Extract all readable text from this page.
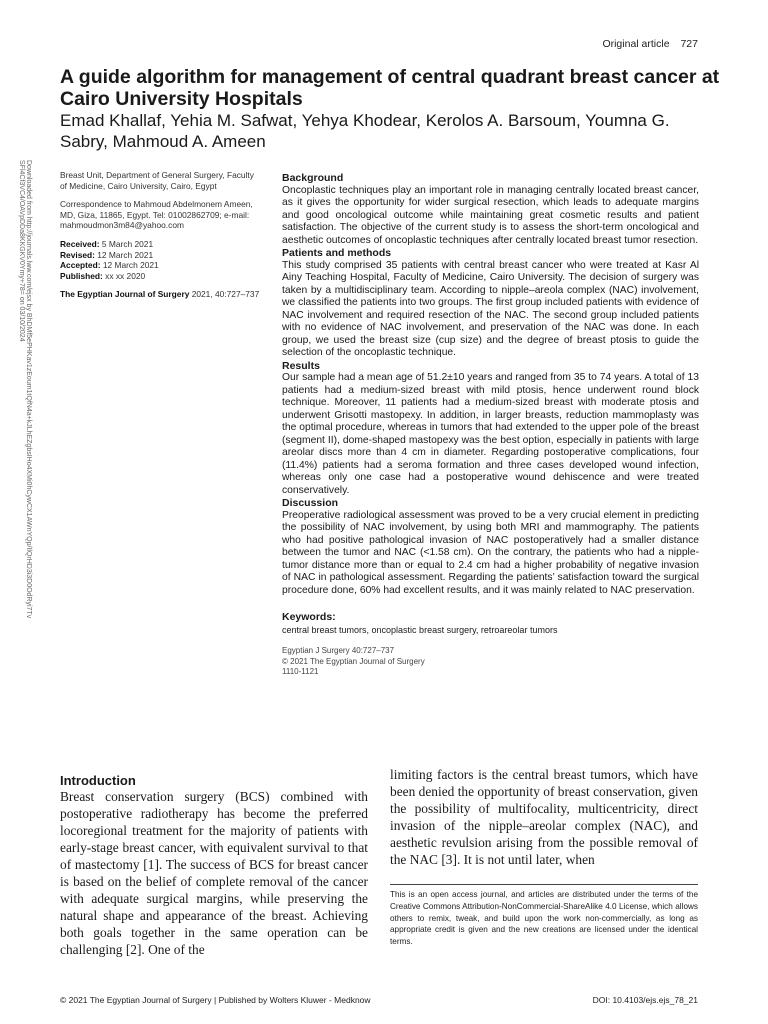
Original article 727
A guide algorithm for management of central quadrant breast cancer at Cairo University Hospitals
Emad Khallaf, Yehia M. Safwat, Yehya Khodear, Kerolos A. Barsoum, Youmna G. Sabry, Mahmoud A. Ameen
Downloaded from http://journals.lww.com/ejsx by BhDMf5ePHKav1zEoum1tQfN4a+kJLhEZgbsIHo4XMi0hCywCX1AWnYQp/IlQrHD3i3D0OdRyi7TvSFl4Cf3VC4/OAVpDDa8KKGKV0Ymy+78= on 03/10/2024	Breast Unit, Department of General Surgery, Faculty of Medicine, Cairo University, Cairo, Egypt

Correspondence to Mahmoud Abdelmonem Ameen, MD, Giza, 11865, Egypt. Tel: 01002862709; e-mail: mahmoudmon3m84@yahoo.com

Received: 5 March 2021
Revised: 12 March 2021
Accepted: 12 March 2021
Published: xx xx 2020

The Egyptian Journal of Surgery 2021, 40:727–737

Background

Oncoplastic techniques play an important role in managing centrally located breast cancer, as it gives the opportunity for wider surgical resection, which leads to adequate margins and good oncological outcome while maintaining great cosmetic results and patient satisfaction. The objective of the current study is to assess the short-term oncological and aesthetic outcomes of oncoplastic techniques after centrally located breast tumor resection.

Patients and methods

This study comprised 35 patients with central breast cancer who were treated at Kasr Al Ainy Teaching Hospital, Faculty of Medicine, Cairo University. The decision of surgery was taken by a multidisciplinary team. According to nipple–areola complex (NAC) involvement, we classified the patients into two groups. The first group included patients with evidence of NAC involvement and required resection of the NAC. The second group included patients with no evidence of NAC involvement, and preservation of the NAC was done. In each group, we used the breast size (cup size) and the degree of breast ptosis to guide the selection of the oncoplastic technique.

Results

Our sample had a mean age of 51.2±10 years and ranged from 35 to 74 years. A total of 13 patients had a medium-sized breast with mild ptosis, hence underwent round block technique. Moreover, 11 patients had a medium-sized breast with moderate ptosis and underwent Grisotti mastopexy. In addition, in larger breasts, reduction mammoplasty was the optimal procedure, whereas in tumors that had extended to the upper pole of the breast (segment II), dome-shaped mastopexy was the best option, especially in patients with large areolar discs more than 4 cm in diameter. Regarding postoperative complications, four (11.4%) patients had a seroma formation and three cases developed wound infection, whereas only one case had a postoperative wound dehiscence and were treated conservatively.

Discussion

Preoperative radiological assessment was proved to be a very crucial element in predicting the possibility of NAC involvement, by using both MRI and mammography. The patients who had positive pathological invasion of NAC postoperatively had a smaller distance between the tumor and NAC (<1.58 cm). On the contrary, the patients who had a nipple-tumor distance more than or equal to 2.4 cm had a higher probability of negative invasion of NAC in pathological assessment. Regarding the patients’ satisfaction toward the surgical procedure done, 60% had excellent results, and it was mainly related to NAC preservation.

Keywords:

central breast tumors, oncoplastic breast surgery, retroareolar tumors

Egyptian J Surgery 40:727–737
© 2021 The Egyptian Journal of Surgery
1110-1121
Introduction

Breast conservation surgery (BCS) combined with postoperative radiotherapy has become the preferred locoregional treatment for the majority of patients with early-stage breast cancer, with equivalent survival to that of mastectomy [1]. The success of BCS for breast cancer is based on the belief of complete removal of the cancer with adequate surgical margins, while preserving the natural shape and appearance of the breast. Achieving both goals together in the same operation can be challenging [2]. One of the

limiting factors is the central breast tumors, which have been denied the opportunity of breast conservation, given the possibility of multifocality, multicentricity, direct invasion of the nipple–areolar complex (NAC), and aesthetic revulsion arising from the possible removal of the NAC [3]. It is not until later, when

This is an open access journal, and articles are distributed under the terms of the Creative Commons Attribution-NonCommercial-ShareAlike 4.0 License, which allows others to remix, tweak, and build upon the work non-commercially, as long as appropriate credit is given and the new creations are licensed under the identical terms.
© 2021 The Egyptian Journal of Surgery | Published by Wolters Kluwer - Medknow	DOI: 10.4103/ejs.ejs_78_21
